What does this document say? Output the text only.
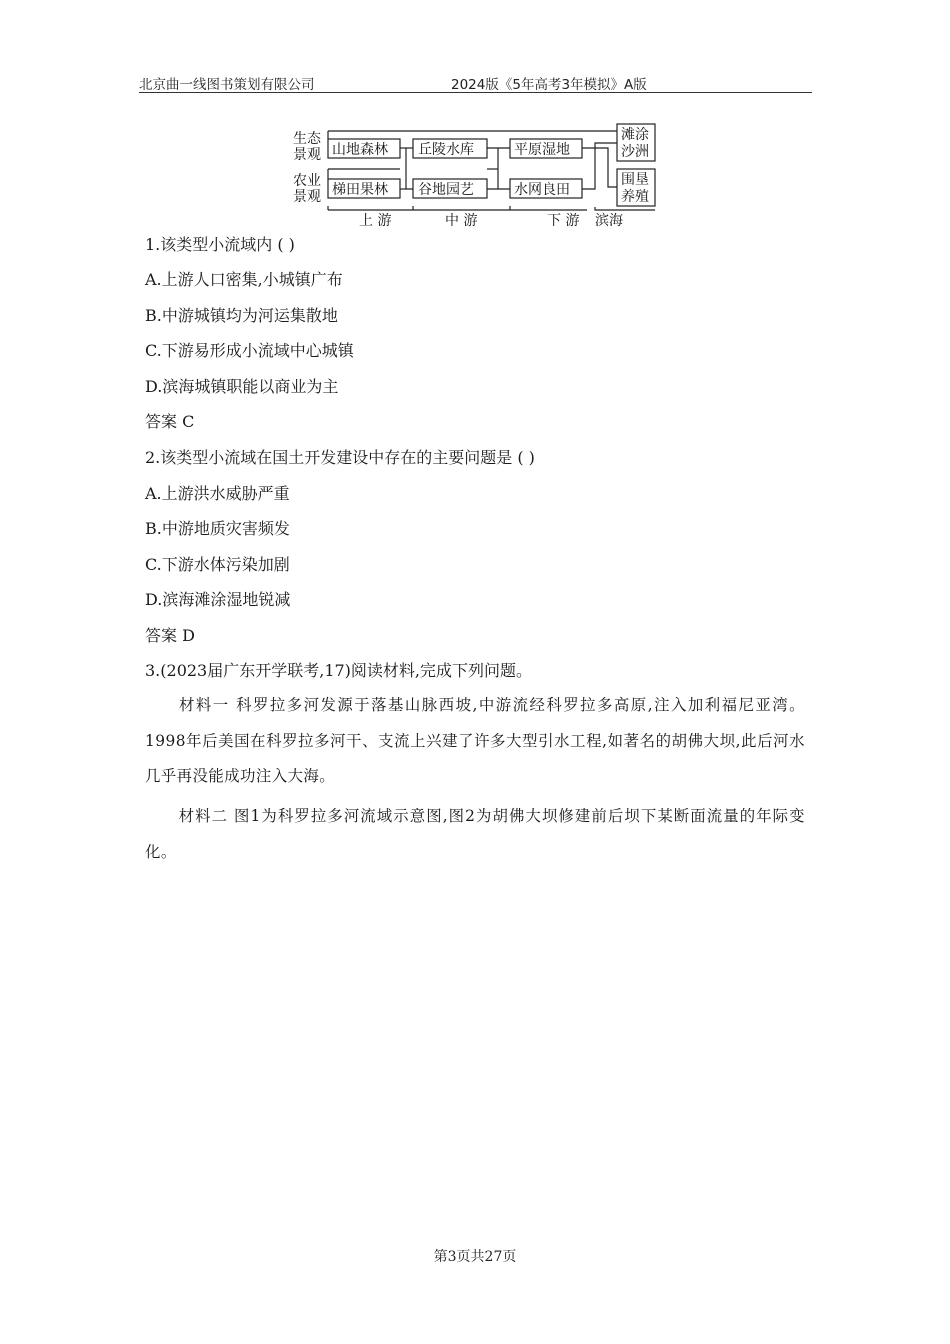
北京曲一线图书策划有限公司	2024版《5年高考3年模拟》A版
生态
景观
农业
景观
山地森林 丘陵水库	平原湿地
梯田果林 谷地园艺	水网良田
滩涂
沙洲
围垦
养殖
上 游	中 游	下 游 滨海
1.该类型小流域内 ( )
A.上游人口密集,小城镇广布
B.中游城镇均为河运集散地
C.下游易形成小流域中心城镇
D.滨海城镇职能以商业为主
答案 C
2.该类型小流域在国土开发建设中存在的主要问题是 ( )
A.上游洪水威胁严重
B.中游地质灾害频发
C.下游水体污染加剧
D.滨海滩涂湿地锐减
答案 D
3.(2023届广东开学联考,17)阅读材料,完成下列问题。
材料一 科罗拉多河发源于落基山脉西坡,中游流经科罗拉多高原,注入加利福尼亚湾。1998年后美国在科罗拉多河干、支流上兴建了许多大型引水工程,如著名的胡佛大坝,此后河水几乎再没能成功注入大海。
材料二 图1为科罗拉多河流域示意图,图2为胡佛大坝修建前后坝下某断面流量的年际变化。
第3页共27页
